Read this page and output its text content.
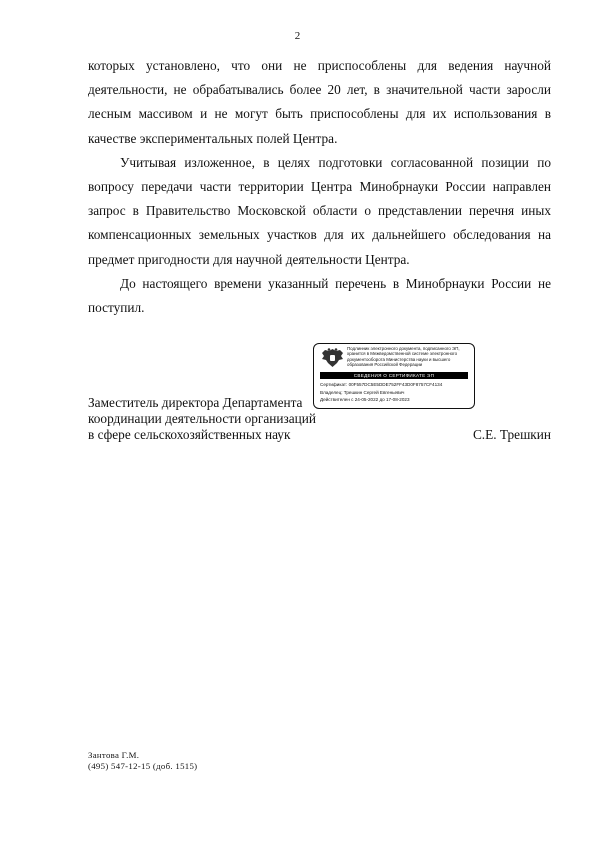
2

которых установлено, что они не приспособлены для ведения научной деятельности, не обрабатывались более 20 лет, в значительной части заросли лесным массивом и не могут быть приспособлены для их использования в качестве экспериментальных полей Центра.

Учитывая изложенное, в целях подготовки согласованной позиции по вопросу передачи части территории Центра Минобрнауки России направлен запрос в Правительство Московской области о представлении перечня иных компенсационных земельных участков для их дальнейшего обследования на предмет пригодности для научной деятельности Центра.

До настоящего времени указанный перечень в Минобрнауки России не поступил.

Заместитель директора Департамента
координации деятельности организаций
в сфере сельскохозяйственных наук	С.Е. Трешкин
Подлинник электронного документа, подписанного ЭП, хранится в Межведомственной системе электронного документооборота Министерства науки и высшего образования Российской Федерации
СВЕДЕНИЯ О СЕРТИФИКАТЕ ЭП
Сертификат: 00F557DC5E5DDE752FF43D0F8757CF4134
Владелец: Трешкин Сергей Евгеньевич
Действителен с 24-05-2022 до 17-08-2023
Зантова Г.М.
(495) 547-12-15 (доб. 1515)
